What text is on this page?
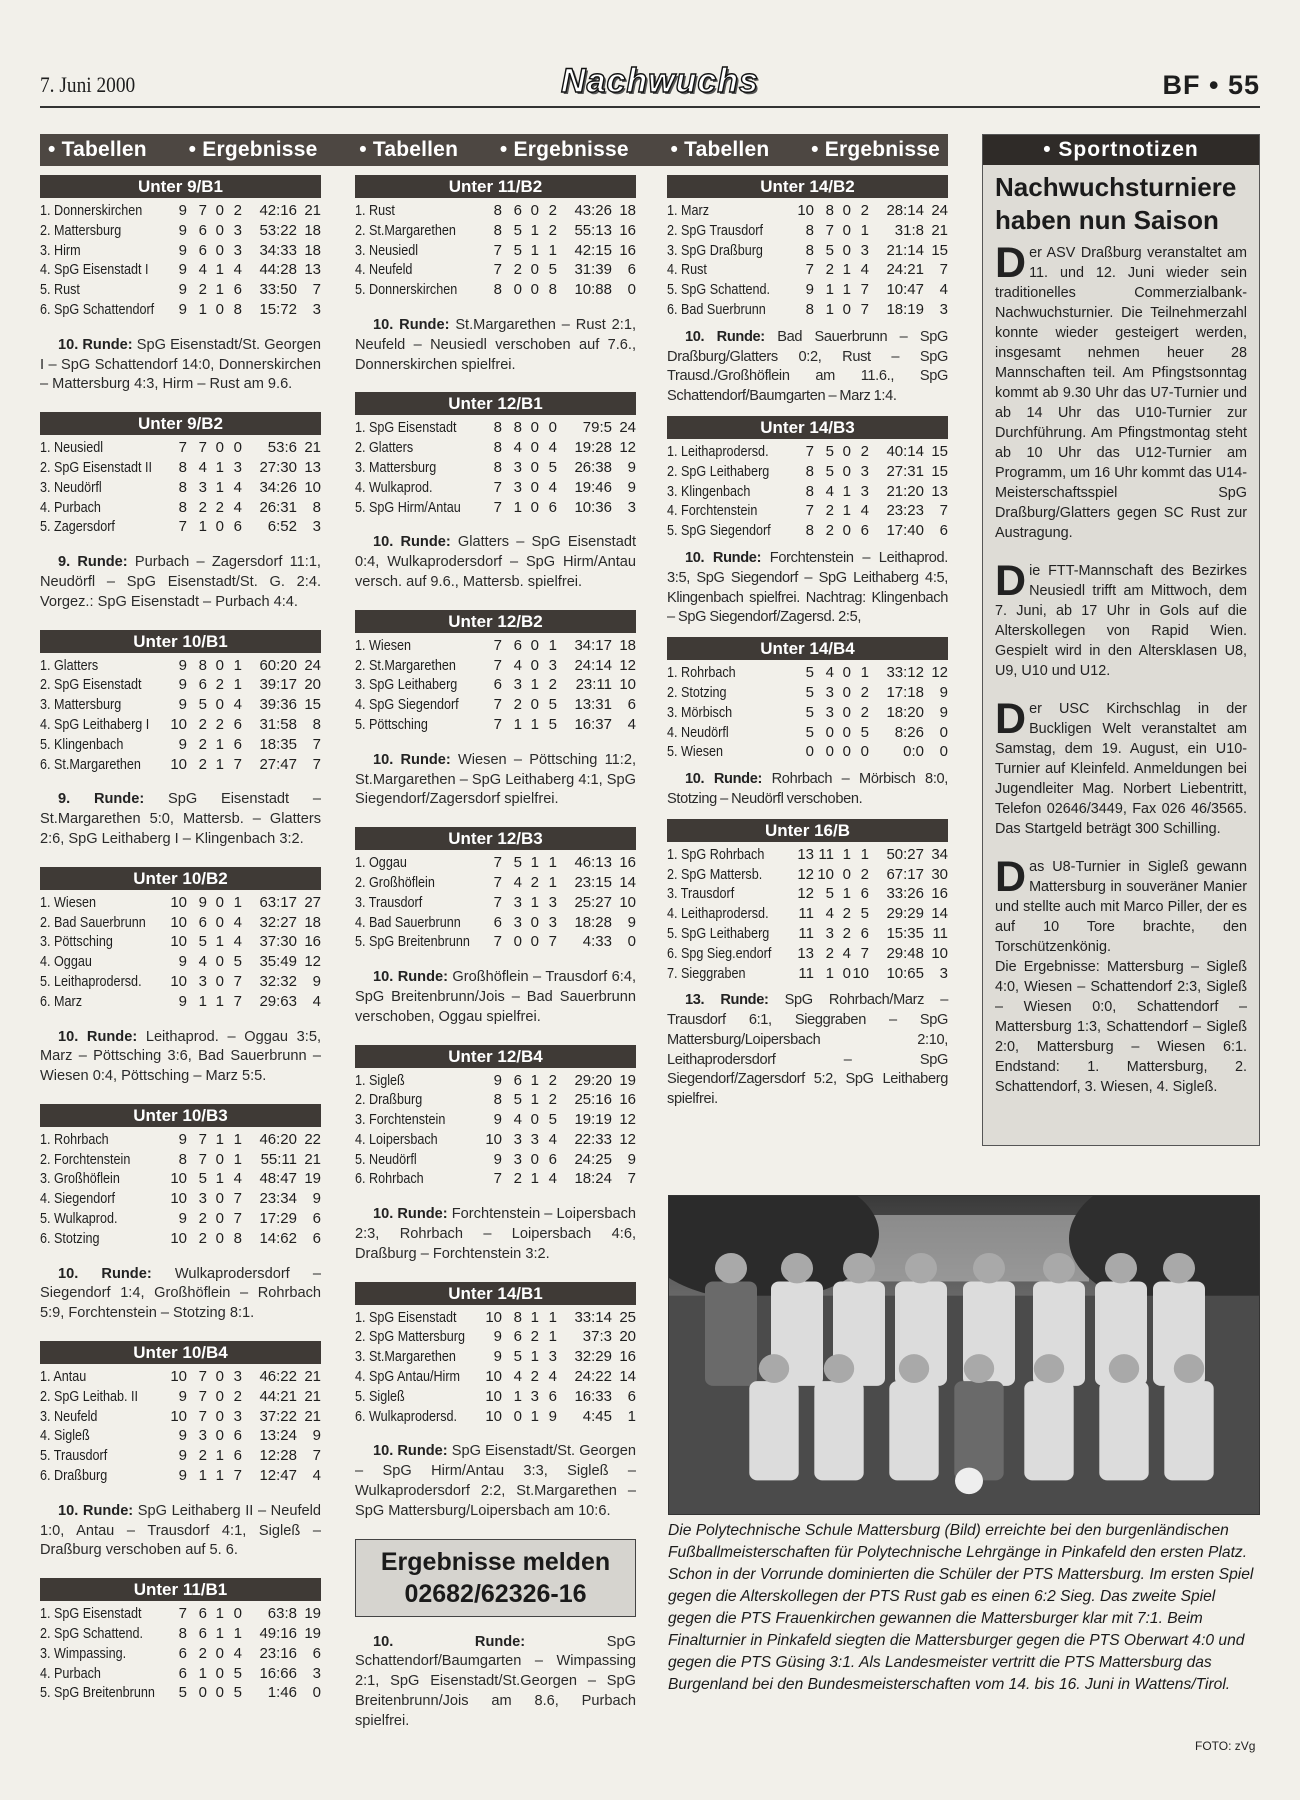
7. Juni 2000	Nachwuchs	BF • 55
• Tabellen	• Ergebnisse	• Tabellen	• Ergebnisse	• Tabellen	• Ergebnisse
Unter 9/B1
1. Donnerskirchen	9	7	0	2	42:16	21
2. Mattersburg	9	6	0	3	53:22	18
3. Hirm	9	6	0	3	34:33	18
4. SpG Eisenstadt I	9	4	1	4	44:28	13
5. Rust	9	2	1	6	33:50	7
6. SpG Schattendorf	9	1	0	8	15:72	3
10. Runde: SpG Eisenstadt/St. Georgen I – SpG Schattendorf 14:0, Donnerskirchen – Mattersburg 4:3, Hirm – Rust am 9.6.
Unter 9/B2
1. Neusiedl	7	7	0	0	53:6	21
2. SpG Eisenstadt II	8	4	1	3	27:30	13
3. Neudörfl	8	3	1	4	34:26	10
4. Purbach	8	2	2	4	26:31	8
5. Zagersdorf	7	1	0	6	6:52	3
9. Runde: Purbach – Zagersdorf 11:1, Neudörfl – SpG Eisenstadt/St. G. 2:4. Vorgez.: SpG Eisenstadt – Purbach 4:4.
Unter 10/B1
1. Glatters	9	8	0	1	60:20	24
2. SpG Eisenstadt	9	6	2	1	39:17	20
3. Mattersburg	9	5	0	4	39:36	15
4. SpG Leithaberg I	10	2	2	6	31:58	8
5. Klingenbach	9	2	1	6	18:35	7
6. St.Margarethen	10	2	1	7	27:47	7
9. Runde: SpG Eisenstadt – St.Margarethen 5:0, Mattersb. – Glatters 2:6, SpG Leithaberg I – Klingenbach 3:2.
Unter 10/B2
1. Wiesen	10	9	0	1	63:17	27
2. Bad Sauerbrunn	10	6	0	4	32:27	18
3. Pöttsching	10	5	1	4	37:30	16
4. Oggau	9	4	0	5	35:49	12
5. Leithaprodersd.	10	3	0	7	32:32	9
6. Marz	9	1	1	7	29:63	4
10. Runde: Leithaprod. – Oggau 3:5, Marz – Pöttsching 3:6, Bad Sauerbrunn – Wiesen 0:4, Pöttsching – Marz 5:5.
Unter 10/B3
1. Rohrbach	9	7	1	1	46:20	22
2. Forchtenstein	8	7	0	1	55:11	21
3. Großhöflein	10	5	1	4	48:47	19
4. Siegendorf	10	3	0	7	23:34	9
5. Wulkaprod.	9	2	0	7	17:29	6
6. Stotzing	10	2	0	8	14:62	6
10. Runde: Wulkaprodersdorf – Siegendorf 1:4, Großhöflein – Rohrbach 5:9, Forchtenstein – Stotzing 8:1.
Unter 10/B4
1. Antau	10	7	0	3	46:22	21
2. SpG Leithab. II	9	7	0	2	44:21	21
3. Neufeld	10	7	0	3	37:22	21
4. Sigleß	9	3	0	6	13:24	9
5. Trausdorf	9	2	1	6	12:28	7
6. Draßburg	9	1	1	7	12:47	4
10. Runde: SpG Leithaberg II – Neufeld 1:0, Antau – Trausdorf 4:1, Sigleß – Draßburg verschoben auf 5. 6.
Unter 11/B1
1. SpG Eisenstadt	7	6	1	0	63:8	19
2. SpG Schattend.	8	6	1	1	49:16	19
3. Wimpassing.	6	2	0	4	23:16	6
4. Purbach	6	1	0	5	16:66	3
5. SpG Breitenbrunn	5	0	0	5	1:46	0
Unter 11/B2
1. Rust	8	6	0	2	43:26	18
2. St.Margarethen	8	5	1	2	55:13	16
3. Neusiedl	7	5	1	1	42:15	16
4. Neufeld	7	2	0	5	31:39	6
5. Donnerskirchen	8	0	0	8	10:88	0
10. Runde: St.Margarethen – Rust 2:1, Neufeld – Neusiedl verschoben auf 7.6., Donnerskirchen spielfrei.
Unter 12/B1
1. SpG Eisenstadt	8	8	0	0	79:5	24
2. Glatters	8	4	0	4	19:28	12
3. Mattersburg	8	3	0	5	26:38	9
4. Wulkaprod.	7	3	0	4	19:46	9
5. SpG Hirm/Antau	7	1	0	6	10:36	3
10. Runde: Glatters – SpG Eisenstadt 0:4, Wulkaprodersdorf – SpG Hirm/Antau versch. auf 9.6., Mattersb. spielfrei.
Unter 12/B2
1. Wiesen	7	6	0	1	34:17	18
2. St.Margarethen	7	4	0	3	24:14	12
3. SpG Leithaberg	6	3	1	2	23:11	10
4. SpG Siegendorf	7	2	0	5	13:31	6
5. Pöttsching	7	1	1	5	16:37	4
10. Runde: Wiesen – Pöttsching 11:2, St.Margarethen – SpG Leithaberg 4:1, SpG Siegendorf/Zagersdorf spielfrei.
Unter 12/B3
1. Oggau	7	5	1	1	46:13	16
2. Großhöflein	7	4	2	1	23:15	14
3. Trausdorf	7	3	1	3	25:27	10
4. Bad Sauerbrunn	6	3	0	3	18:28	9
5. SpG Breitenbrunn	7	0	0	7	4:33	0
10. Runde: Großhöflein – Trausdorf 6:4, SpG Breitenbrunn/Jois – Bad Sauerbrunn verschoben, Oggau spielfrei.
Unter 12/B4
1. Sigleß	9	6	1	2	29:20	19
2. Draßburg	8	5	1	2	25:16	16
3. Forchtenstein	9	4	0	5	19:19	12
4. Loipersbach	10	3	3	4	22:33	12
5. Neudörfl	9	3	0	6	24:25	9
6. Rohrbach	7	2	1	4	18:24	7
10. Runde: Forchtenstein – Loipersbach 2:3, Rohrbach – Loipersbach 4:6, Draßburg – Forchtenstein 3:2.
Unter 14/B1
1. SpG Eisenstadt	10	8	1	1	33:14	25
2. SpG Mattersburg	9	6	2	1	37:3	20
3. St.Margarethen	9	5	1	3	32:29	16
4. SpG Antau/Hirm	10	4	2	4	24:22	14
5. Sigleß	10	1	3	6	16:33	6
6. Wulkaprodersd.	10	0	1	9	4:45	1
10. Runde: SpG Eisenstadt/St. Georgen – SpG Hirm/Antau 3:3, Sigleß – Wulkaprodersdorf 2:2, St.Margarethen – SpG Mattersburg/Loipersbach am 10:6.
Ergebnisse melden
02682/62326-16
10. Runde:	SpG Schattendorf/Baumgarten – Wimpassing 2:1, SpG Eisenstadt/St.Georgen – SpG Breitenbrunn/Jois am 8.6, Purbach spielfrei.
Unter 14/B2
1. Marz	10	8	0	2	28:14	24
2. SpG Trausdorf	8	7	0	1	31:8	21
3. SpG Draßburg	8	5	0	3	21:14	15
4. Rust	7	2	1	4	24:21	7
5. SpG Schattend.	9	1	1	7	10:47	4
6. Bad Suerbrunn	8	1	0	7	18:19	3
10. Runde: Bad Sauerbrunn – SpG Draßburg/Glatters 0:2, Rust – SpG Trausd./Großhöflein am 11.6., SpG Schattendorf/Baumgarten – Marz 1:4.
Unter 14/B3
1. Leithaprodersd.	7	5	0	2	40:14	15
2. SpG Leithaberg	8	5	0	3	27:31	15
3. Klingenbach	8	4	1	3	21:20	13
4. Forchtenstein	7	2	1	4	23:23	7
5. SpG Siegendorf	8	2	0	6	17:40	6
10. Runde: Forchtenstein – Leithaprod. 3:5, SpG Siegendorf – SpG Leithaberg 4:5, Klingenbach spielfrei. Nachtrag: Klingenbach – SpG Siegendorf/Zagersd. 2:5,
Unter 14/B4
1. Rohrbach	5	4	0	1	33:12	12
2. Stotzing	5	3	0	2	17:18	9
3. Mörbisch	5	3	0	2	18:20	9
4. Neudörfl	5	0	0	5	8:26	0
5. Wiesen	0	0	0	0	0:0	0
10. Runde: Rohrbach – Mörbisch 8:0, Stotzing – Neudörfl verschoben.
Unter 16/B
1. SpG Rohrbach	13	11	1	1	50:27	34
2. SpG Mattersb.	12	10	0	2	67:17	30
3. Trausdorf	12	5	1	6	33:26	16
4. Leithaprodersd.	11	4	2	5	29:29	14
5. SpG Leithaberg	11	3	2	6	15:35	11
6. Spg Sieg.endorf	13	2	4	7	29:48	10
7. Sieggraben	11	1	0	10	10:65	3
13. Runde: SpG Rohrbach/Marz – Trausdorf 6:1, Sieggraben – SpG Mattersburg/Loipersbach 2:10, Leithaprodersdorf – SpG Siegendorf/Zagersdorf 5:2, SpG Leithaberg spielfrei.
• Sportnotizen
Nachwuchsturniere haben nun Saison

Der ASV Draßburg veranstaltet am 11. und 12. Juni wieder sein traditionelles Commerzialbank-Nachwuchsturnier. Die Teilnehmerzahl konnte wieder gesteigert werden, insgesamt nehmen heuer 28 Mannschaften teil. Am Pfingstsonntag kommt ab 9.30 Uhr das U7-Turnier und ab 14 Uhr das U10-Turnier zur Durchführung. Am Pfingstmontag steht ab 10 Uhr das U12-Turnier am Programm, um 16 Uhr kommt das U14-Meisterschaftsspiel SpG Draßburg/Glatters gegen SC Rust zur Austragung.

Die FTT-Mannschaft des Bezirkes Neusiedl trifft am Mittwoch, dem 7. Juni, ab 17 Uhr in Gols auf die Alterskollegen von Rapid Wien. Gespielt wird in den Altersklasen U8, U9, U10 und U12.

Der USC Kirchschlag in der Buckligen Welt veranstaltet am Samstag, dem 19. August, ein U10-Turnier auf Kleinfeld. Anmeldungen bei Jugendleiter Mag. Norbert Liebentritt, Telefon 02646/3449, Fax 026 46/3565. Das Startgeld beträgt 300 Schilling.

Das U8-Turnier in Sigleß gewann Mattersburg in souveräner Manier und stellte auch mit Marco Piller, der es auf 10 Tore brachte, den Torschützenkönig.

Die Ergebnisse: Mattersburg – Sigleß 4:0, Wiesen – Schattendorf 2:3, Sigleß – Wiesen 0:0, Schattendorf – Mattersburg 1:3, Schattendorf – Sigleß 2:0, Mattersburg – Wiesen 6:1. Endstand: 1. Mattersburg, 2. Schattendorf, 3. Wiesen, 4. Sigleß.

Die Polytechnische Schule Mattersburg (Bild) erreichte bei den burgenländischen Fußballmeisterschaften für Polytechnische Lehrgänge in Pinkafeld den ersten Platz. Schon in der Vorrunde dominierten die Schüler der PTS Mattersburg. Im ersten Spiel gegen die Alterskollegen der PTS Rust gab es einen 6:2 Sieg. Das zweite Spiel gegen die PTS Frauenkirchen gewannen die Mattersburger klar mit 7:1. Beim Finalturnier in Pinkafeld siegten die Mattersburger gegen die PTS Oberwart 4:0 und gegen die PTS Güsing 3:1. Als Landesmeister vertritt die PTS Mattersburg das Burgenland bei den Bundesmeisterschaften vom 14. bis 16. Juni in Wattens/Tirol.
FOTO: zVg
